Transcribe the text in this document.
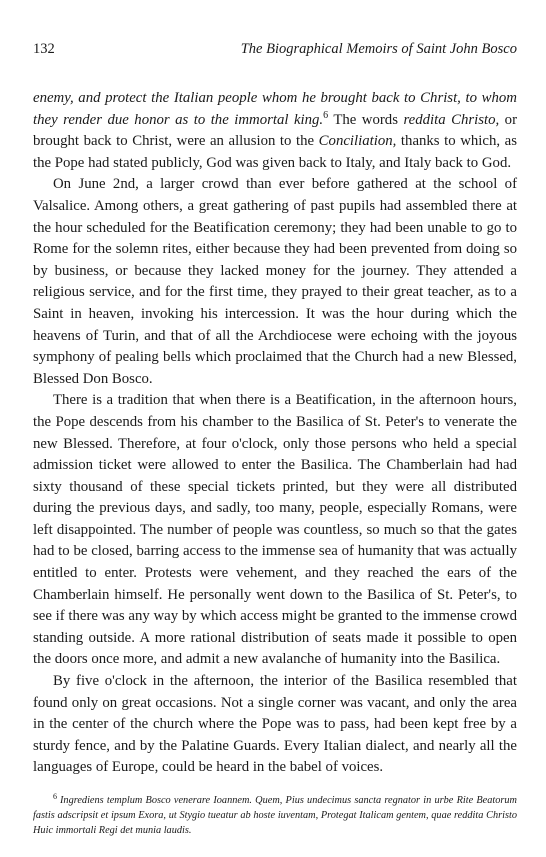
132	The Biographical Memoirs of Saint John Bosco

enemy, and protect the Italian people whom he brought back to Christ, to whom they render due honor as to the immortal king.$^6$ The words reddita Christo, or brought back to Christ, were an allusion to the Conciliation, thanks to which, as the Pope had stated publicly, God was given back to Italy, and Italy back to God.

On June 2nd, a larger crowd than ever before gathered at the school of Valsalice. Among others, a great gathering of past pupils had assembled there at the hour scheduled for the Beatification ceremony; they had been unable to go to Rome for the solemn rites, either because they had been prevented from doing so by business, or because they lacked money for the journey. They attended a religious service, and for the first time, they prayed to their great teacher, as to a Saint in heaven, invoking his intercession. It was the hour during which the heavens of Turin, and that of all the Archdiocese were echoing with the joyous symphony of pealing bells which proclaimed that the Church had a new Blessed, Blessed Don Bosco.

There is a tradition that when there is a Beatification, in the afternoon hours, the Pope descends from his chamber to the Basilica of St. Peter's to venerate the new Blessed. Therefore, at four o'clock, only those persons who held a special admission ticket were allowed to enter the Basilica. The Chamberlain had had sixty thousand of these special tickets printed, but they were all distributed during the previous days, and sadly, too many, people, especially Romans, were left disappointed. The number of people was countless, so much so that the gates had to be closed, barring access to the immense sea of humanity that was actually entitled to enter. Protests were vehement, and they reached the ears of the Chamberlain himself. He personally went down to the Basilica of St. Peter's, to see if there was any way by which access might be granted to the immense crowd standing outside. A more rational distribution of seats made it possible to open the doors once more, and admit a new avalanche of humanity into the Basilica.

By five o'clock in the afternoon, the interior of the Basilica resembled that found only on great occasions. Not a single corner was vacant, and only the area in the center of the church where the Pope was to pass, had been kept free by a sturdy fence, and by the Palatine Guards. Every Italian dialect, and nearly all the languages of Europe, could be heard in the babel of voices.

$^6$ Ingrediens templum Bosco venerare Ioannem. Quem, Pius undecimus sancta regnator in urbe Rite Beatorum fastis adscripsit et ipsum Exora, ut Stygio tueatur ab hoste iuventam, Protegat Italicam gentem, quae reddita Christo Huic immortali Regi det munia laudis.
